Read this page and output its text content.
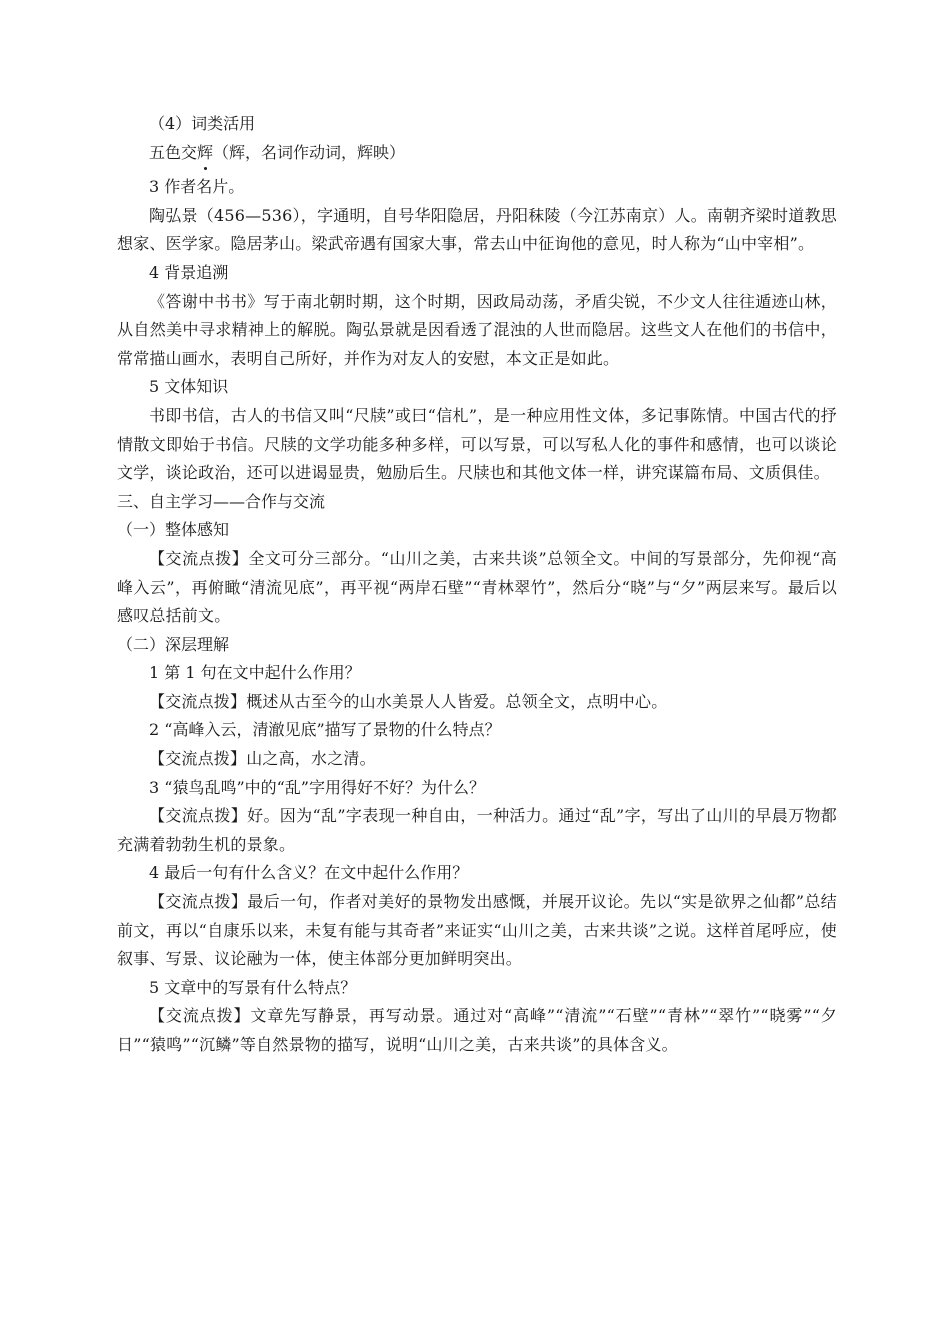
（4）词类活用

五色交辉（辉，名词作动词，辉映）

3 作者名片。

陶弘景（456—536），字通明，自号华阳隐居，丹阳秣陵（今江苏南京）人。南朝齐梁时道教思想家、医学家。隐居茅山。梁武帝遇有国家大事，常去山中征询他的意见，时人称为“山中宰相”。

4 背景追溯

《答谢中书书》写于南北朝时期，这个时期，因政局动荡，矛盾尖锐，不少文人往往遁迹山林，从自然美中寻求精神上的解脱。陶弘景就是因看透了混浊的人世而隐居。这些文人在他们的书信中，常常描山画水，表明自己所好，并作为对友人的安慰，本文正是如此。

5 文体知识

书即书信，古人的书信又叫“尺牍”或曰“信札”，是一种应用性文体，多记事陈情。中国古代的抒情散文即始于书信。尺牍的文学功能多种多样，可以写景，可以写私人化的事件和感情，也可以谈论文学，谈论政治，还可以进谒显贵，勉励后生。尺牍也和其他文体一样，讲究谋篇布局、文质俱佳。

三、自主学习——合作与交流

（一）整体感知

【交流点拨】全文可分三部分。“山川之美，古来共谈”总领全文。中间的写景部分，先仰视“高峰入云”，再俯瞰“清流见底”，再平视“两岸石壁”“青林翠竹”，然后分“晓”与“夕”两层来写。最后以感叹总括前文。

（二）深层理解

1 第 1 句在文中起什么作用？

【交流点拨】概述从古至今的山水美景人人皆爱。总领全文，点明中心。

2 “高峰入云，清澈见底”描写了景物的什么特点？

【交流点拨】山之高，水之清。

3 “猿鸟乱鸣”中的“乱”字用得好不好？为什么？

【交流点拨】好。因为“乱”字表现一种自由，一种活力。通过“乱”字，写出了山川的早晨万物都充满着勃勃生机的景象。

4 最后一句有什么含义？在文中起什么作用？

【交流点拨】最后一句，作者对美好的景物发出感慨，并展开议论。先以“实是欲界之仙都”总结前文，再以“自康乐以来，未复有能与其奇者”来证实“山川之美，古来共谈”之说。这样首尾呼应，使叙事、写景、议论融为一体，使主体部分更加鲜明突出。

5 文章中的写景有什么特点？

【交流点拨】文章先写静景，再写动景。通过对“高峰”“清流”“石壁”“青林”“翠竹”“晓雾”“夕日”“猿鸣”“沉鳞”等自然景物的描写，说明“山川之美，古来共谈”的具体含义。
